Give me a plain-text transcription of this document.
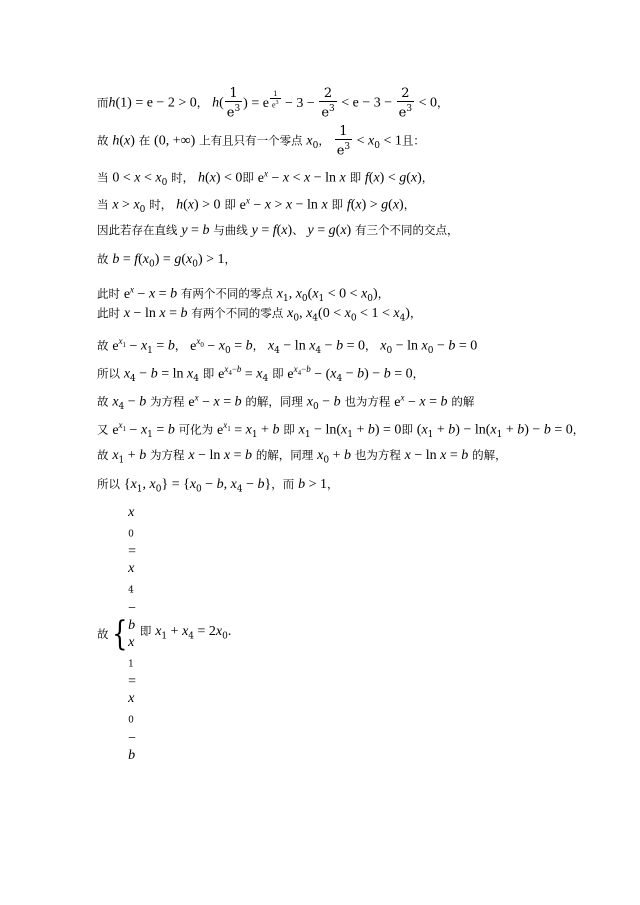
而h(1) = e − 2 > 0， $h( \frac{1}{e^3}$ ) = e $^{\frac{1}{e^3}} - 3 - \frac{2}{e^3} < e - 3 - \frac{2}{e^3} < 0$，
故 h(x) 在 (0, +∞) 上有且只有一个零点 $x_0$， $\frac{1}{e^3} < x_0 < 1$且：
当 $0 < x < x_0$ 时， h(x) < 0即 $e^x - x < x - \ln x$ 即 f(x) < g(x)，
当 $x > x_0$ 时， h(x) > 0 即 $e^x - x > x - \ln x$ 即 f(x) > g(x)，
因此若存在直线 y = b 与曲线 y = f(x)、 y = g(x) 有三个不同的交点，
故 $b = f(x_0) = g(x_0) > 1$，
此时 $e^x - x = b$ 有两个不同的零点 $x_1$, $x_0(x_1 < 0 < x_0)$，
此时 x − ln x = b 有两个不同的零点 $x_0$, $x_4(0 < x_0 < 1 < x_4)$，
故 $e^{x_1} - x_1 = b$， $e^{x_0} - x_0 = b$， $x_4 - \ln x_4 - b = 0$， $x_0 - \ln x_0 - b = 0$
所以 $x_4 - b = \ln x_4$ 即 $e^{x_4-b} = x_4$ 即 $e^{x_4-b} - (x_4 - b) - b = 0$，
故 $x_4 - b$ 为方程 $e^x - x = b$ 的解，同理 $x_0 - b$ 也为方程 $e^x - x = b$ 的解
又 $e^{x_1} - x_1 = b$ 可化为 $e^{x_1} = x_1 + b$ 即 $x_1 - \ln(x_1 + b) = 0$即 $(x_1 + b) - \ln(x_1 + b) - b = 0$，
故 $x_1 + b$ 为方程 x − ln x = b 的解，同理 $x_0 + b$ 也为方程 x − ln x = b 的解，
所以 {$x_1$, $x_0\} = \{x_0 - b$, $x_4 - b$}，而 b > 1，
故{
x
$_0$
=
x
$_4$
−
b
x
$_1$
=
x
$_0$
−
b
即 $x_1 + x_4 = 2x_0$.
